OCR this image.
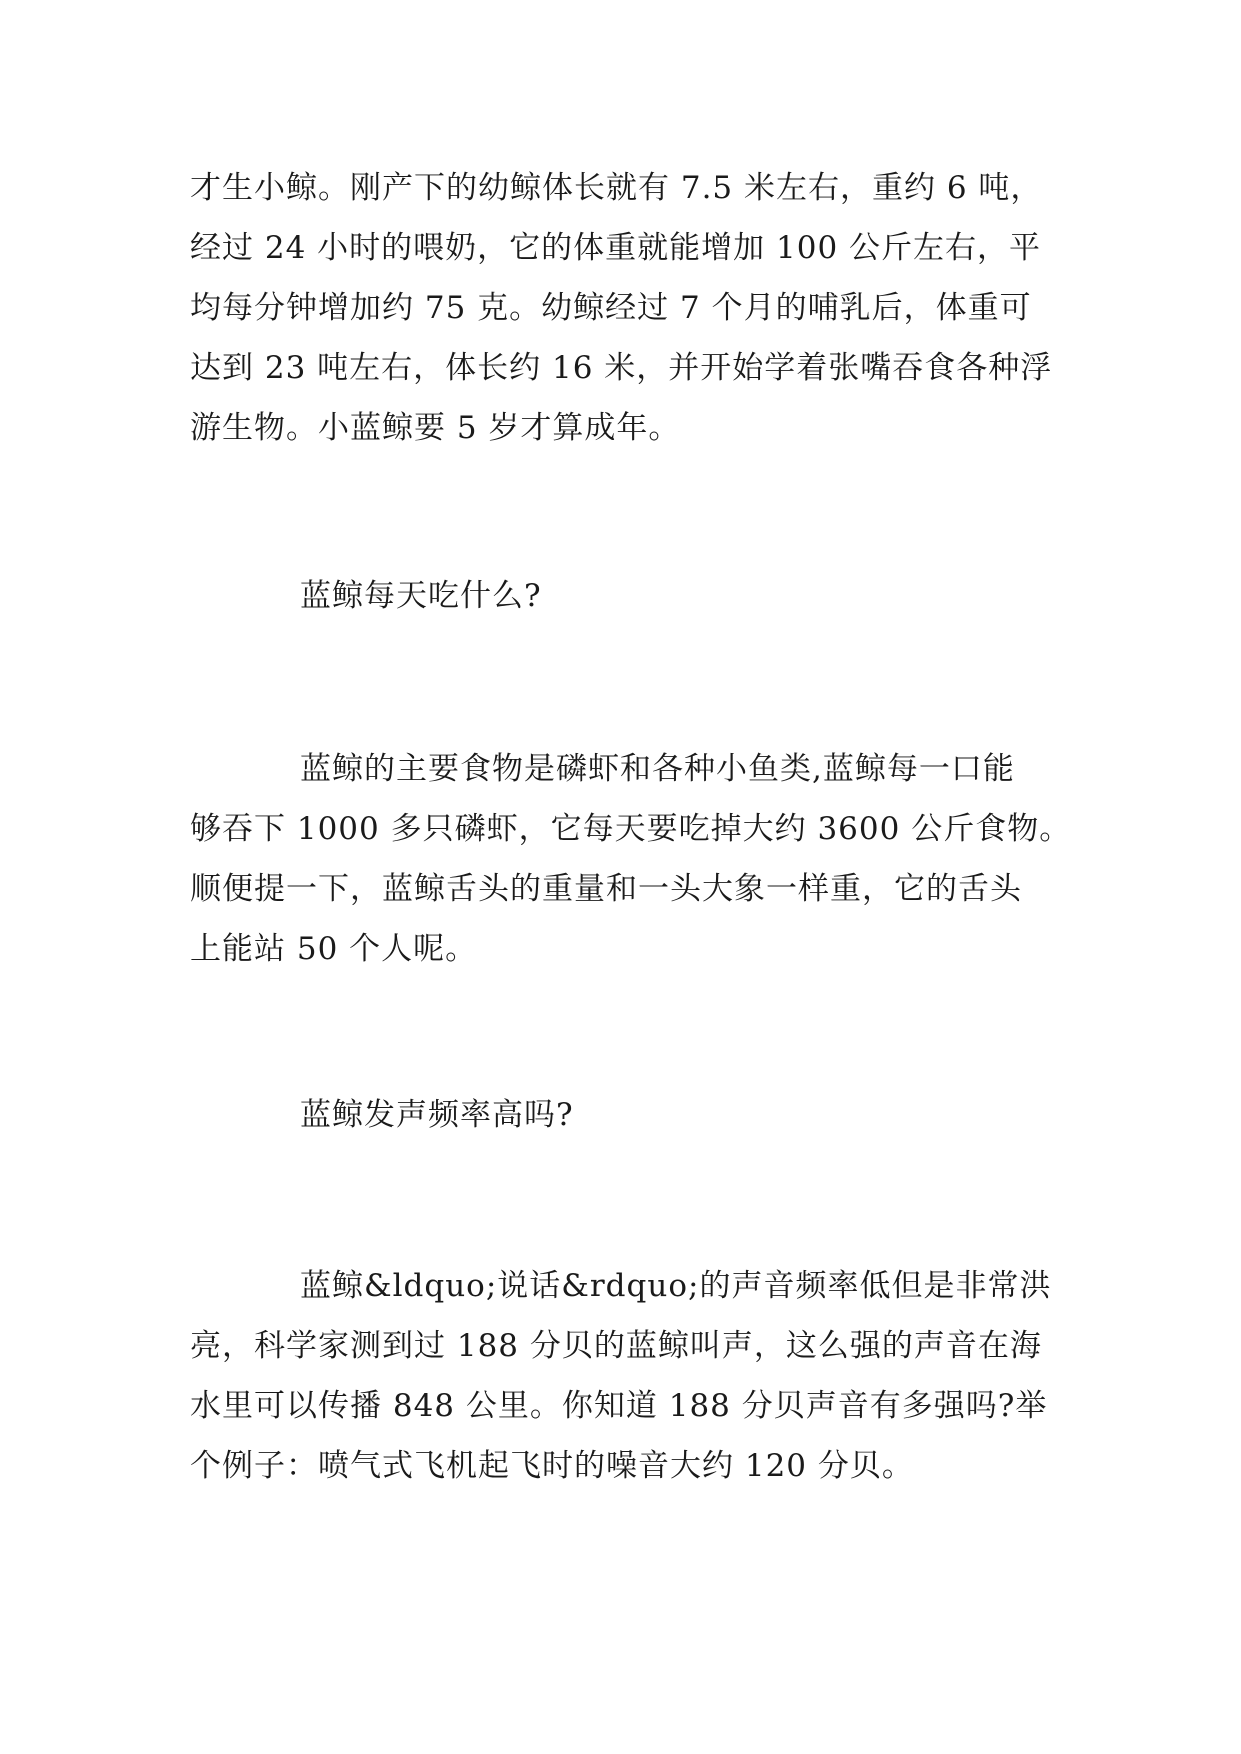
才生小鲸。刚产下的幼鲸体长就有 7.5 米左右，重约 6 吨，
经过 24 小时的喂奶，它的体重就能增加 100 公斤左右，平
均每分钟增加约 75 克。幼鲸经过 7 个月的哺乳后，体重可
达到 23 吨左右，体长约 16 米，并开始学着张嘴吞食各种浮
游生物。小蓝鲸要 5 岁才算成年。

蓝鲸每天吃什么?

蓝鲸的主要食物是磷虾和各种小鱼类,蓝鲸每一口能
够吞下 1000 多只磷虾，它每天要吃掉大约 3600 公斤食物。
顺便提一下，蓝鲸舌头的重量和一头大象一样重，它的舌头
上能站 50 个人呢。

蓝鲸发声频率高吗?

蓝鲸&ldquo;说话&rdquo;的声音频率低但是非常洪
亮，科学家测到过 188 分贝的蓝鲸叫声，这么强的声音在海
水里可以传播 848 公里。你知道 188 分贝声音有多强吗?举
个例子：喷气式飞机起飞时的噪音大约 120 分贝。
